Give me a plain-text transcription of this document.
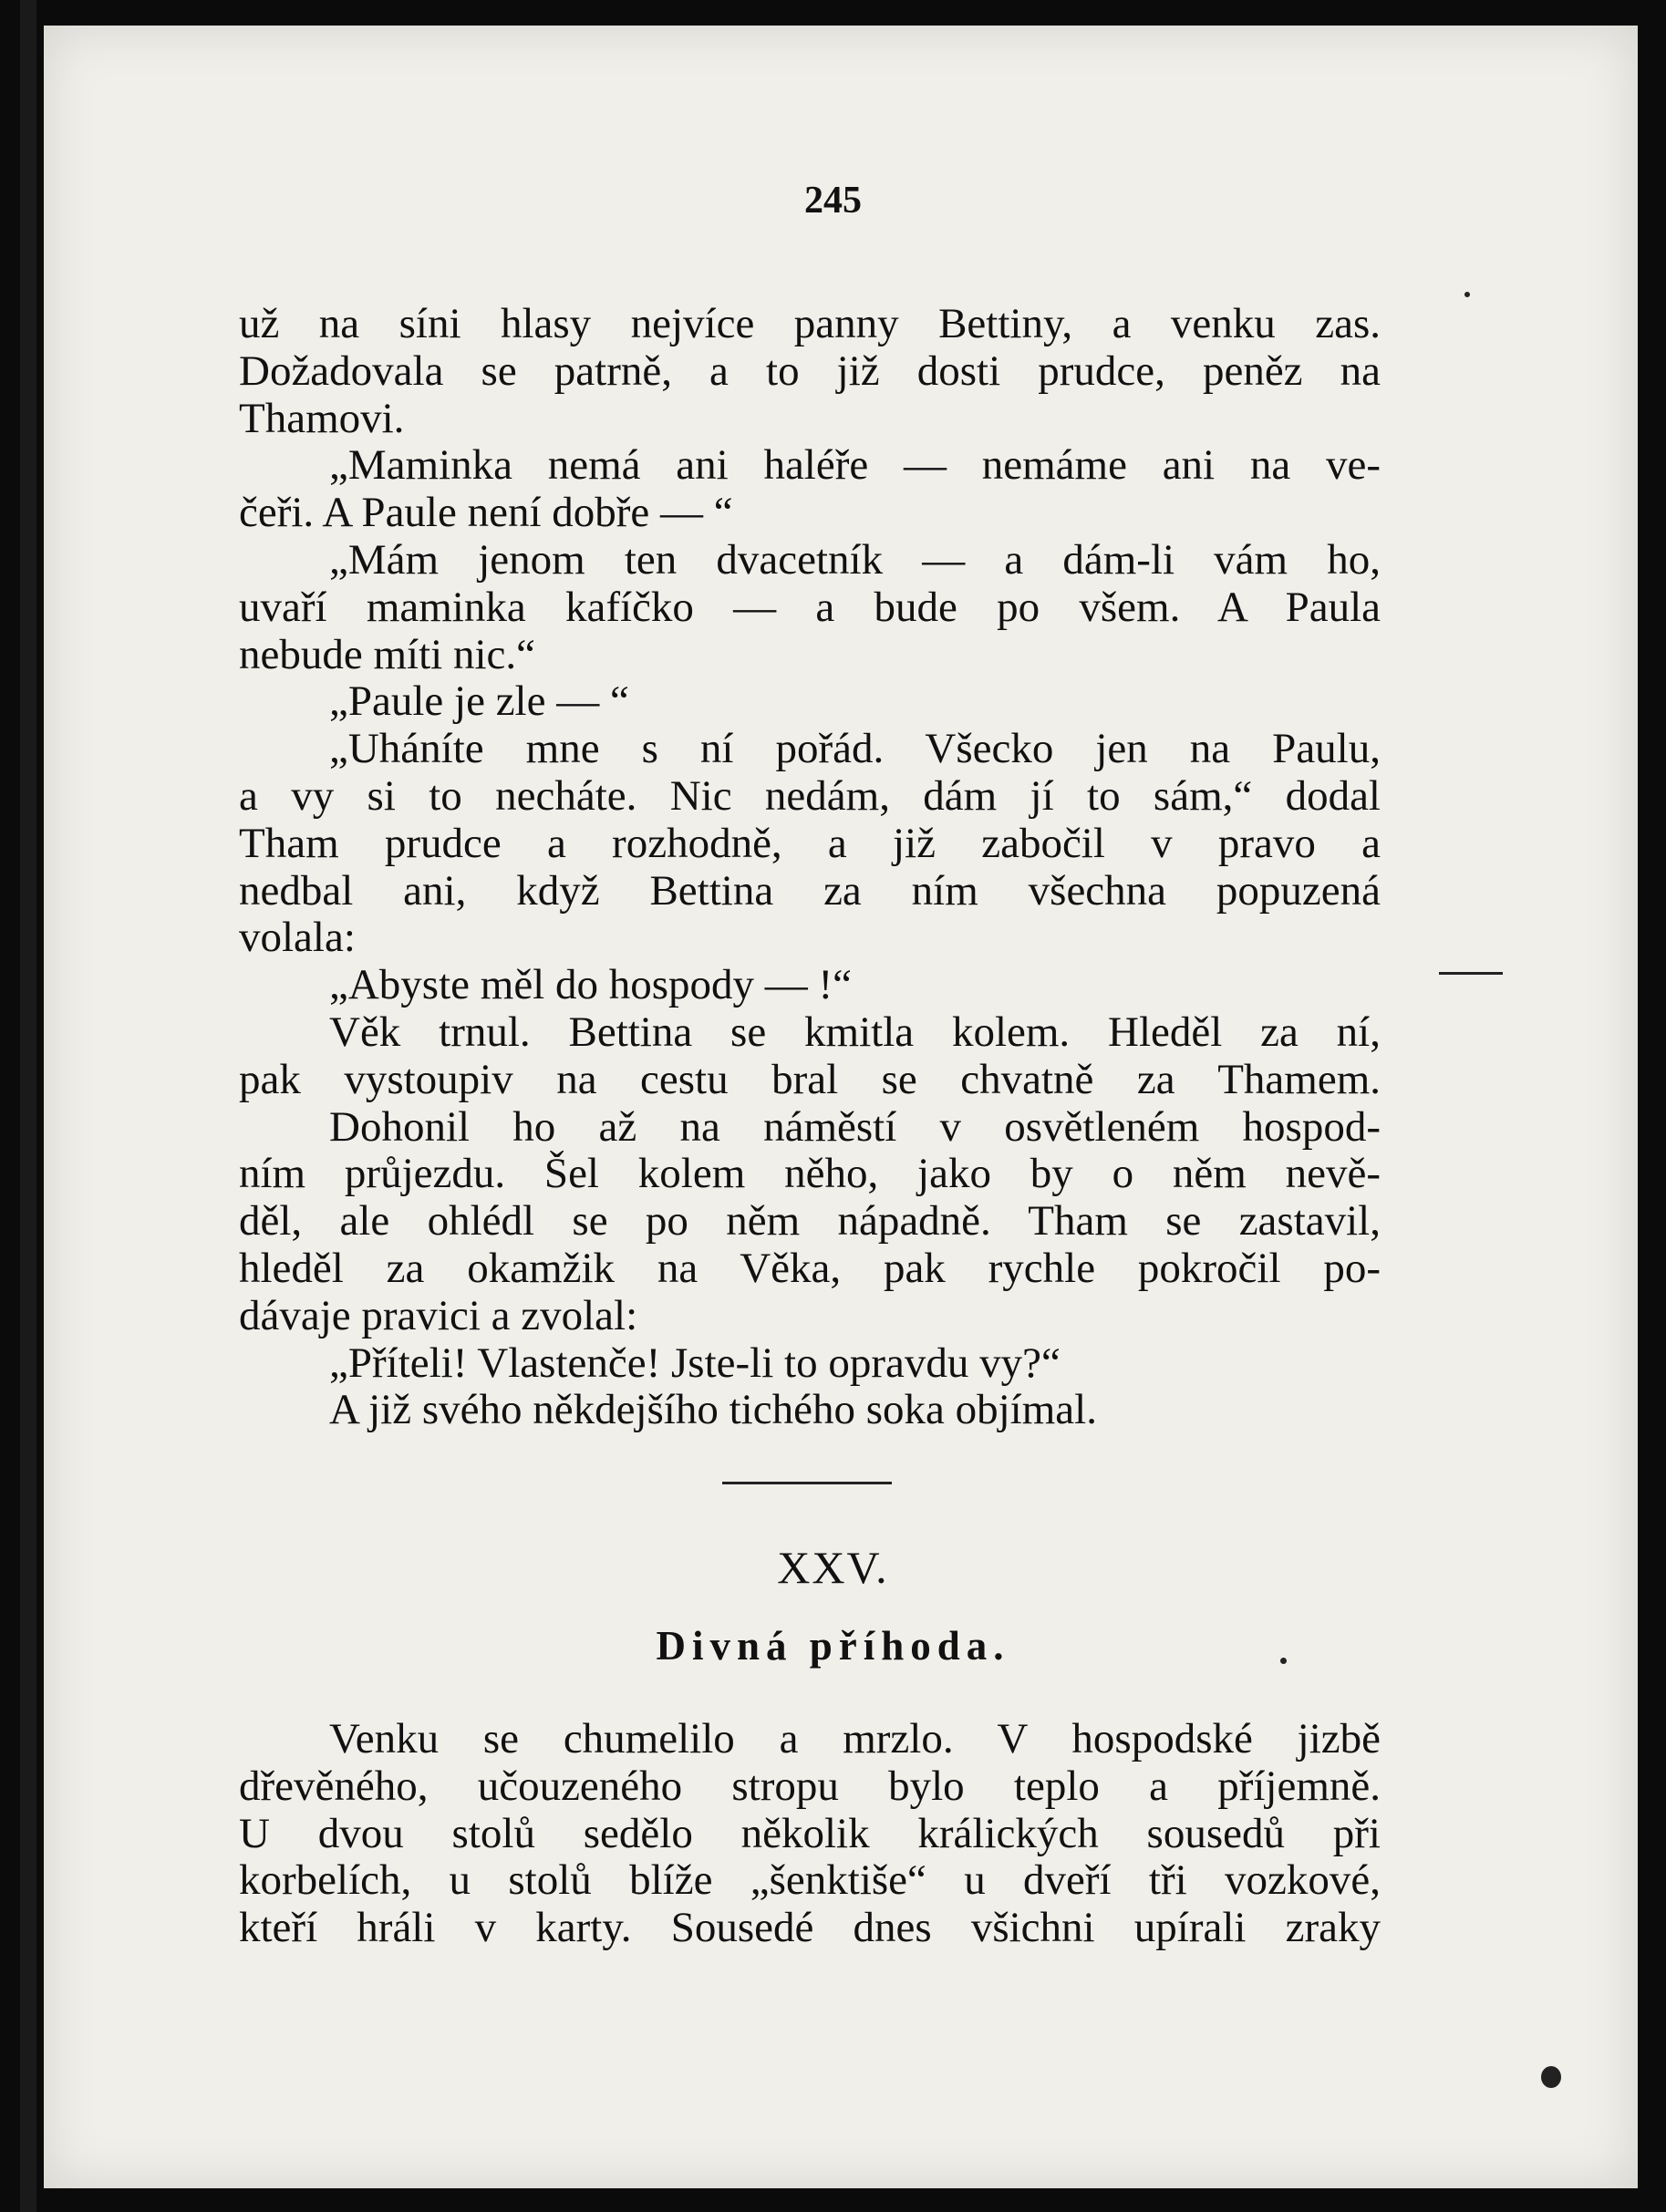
245
už na síni hlasy nejvíce panny Bettiny, a venku zas.
Dožadovala se patrně, a to již dosti prudce, peněz na
Thamovi.
„Maminka nemá ani haléře — nemáme ani na ve-
čeři. A Paule není dobře — “
„Mám jenom ten dvacetník — a dám-li vám ho,
uvaří maminka kafíčko — a bude po všem. A Paula
nebude míti nic.“
„Paule je zle — “
„Uháníte mne s ní pořád. Všecko jen na Paulu,
a vy si to necháte. Nic nedám, dám jí to sám,“ dodal
Tham prudce a rozhodně, a již zabočil v pravo a
nedbal ani, když Bettina za ním všechna popuzená
volala:
„Abyste měl do hospody — !“
Věk trnul. Bettina se kmitla kolem. Hleděl za ní,
pak vystoupiv na cestu bral se chvatně za Thamem.
Dohonil ho až na náměstí v osvětleném hospod-
ním průjezdu. Šel kolem něho, jako by o něm nevě-
děl, ale ohlédl se po něm nápadně. Tham se zastavil,
hleděl za okamžik na Věka, pak rychle pokročil po-
dávaje pravici a zvolal:
„Příteli! Vlastenče! Jste-li to opravdu vy?“
A již svého někdejšího tichého soka objímal.
XXV.
Divná příhoda.
Venku se chumelilo a mrzlo. V hospodské jizbě
dřevěného, učouzeného stropu bylo teplo a příjemně.
U dvou stolů sedělo několik králických sousedů při
korbelích, u stolů blíže „šenktiše“ u dveří tři vozkové,
kteří hráli v karty. Sousedé dnes všichni upírali zraky
